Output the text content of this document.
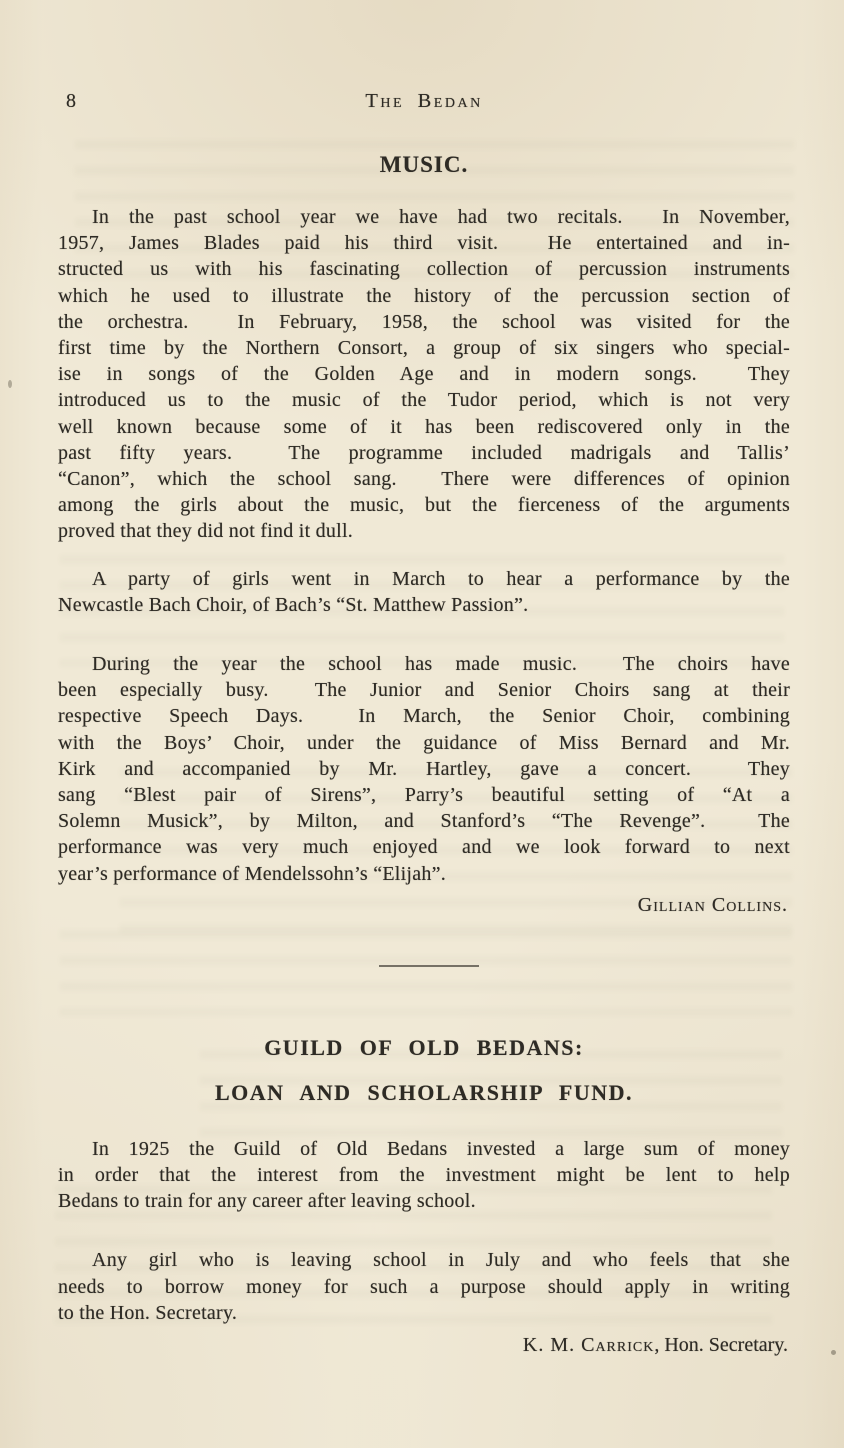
8	The Bedan
MUSIC.
In the past school year we have had two recitals.  In November,
1957, James Blades paid his third visit.  He entertained and in-
structed us with his fascinating collection of percussion instruments
which he used to illustrate the history of the percussion section of
the orchestra.  In February, 1958, the school was visited for the
first time by the Northern Consort, a group of six singers who special-
ise in songs of the Golden Age and in modern songs.  They
introduced us to the music of the Tudor period, which is not very
well known because some of it has been rediscovered only in the
past fifty years.  The programme included madrigals and Tallis’
“Canon”, which the school sang.  There were differences of opinion
among the girls about the music, but the fierceness of the arguments
proved that they did not find it dull.
A party of girls went in March to hear a performance by the
Newcastle Bach Choir, of Bach’s “St. Matthew Passion”.
During the year the school has made music.  The choirs have
been especially busy.  The Junior and Senior Choirs sang at their
respective Speech Days.  In March, the Senior Choir, combining
with the Boys’ Choir, under the guidance of Miss Bernard and Mr.
Kirk and accompanied by Mr. Hartley, gave a concert.  They
sang “Blest pair of Sirens”, Parry’s beautiful setting of “At a
Solemn Musick”, by Milton, and Stanford’s “The Revenge”.  The
performance was very much enjoyed and we look forward to next
year’s performance of Mendelssohn’s “Elijah”.
Gillian Collins.
GUILD OF OLD BEDANS:
LOAN AND SCHOLARSHIP FUND.
In 1925 the Guild of Old Bedans invested a large sum of money
in order that the interest from the investment might be lent to help
Bedans to train for any career after leaving school.
Any girl who is leaving school in July and who feels that she
needs to borrow money for such a purpose should apply in writing
to the Hon. Secretary.
K. M. Carrick, Hon. Secretary.
